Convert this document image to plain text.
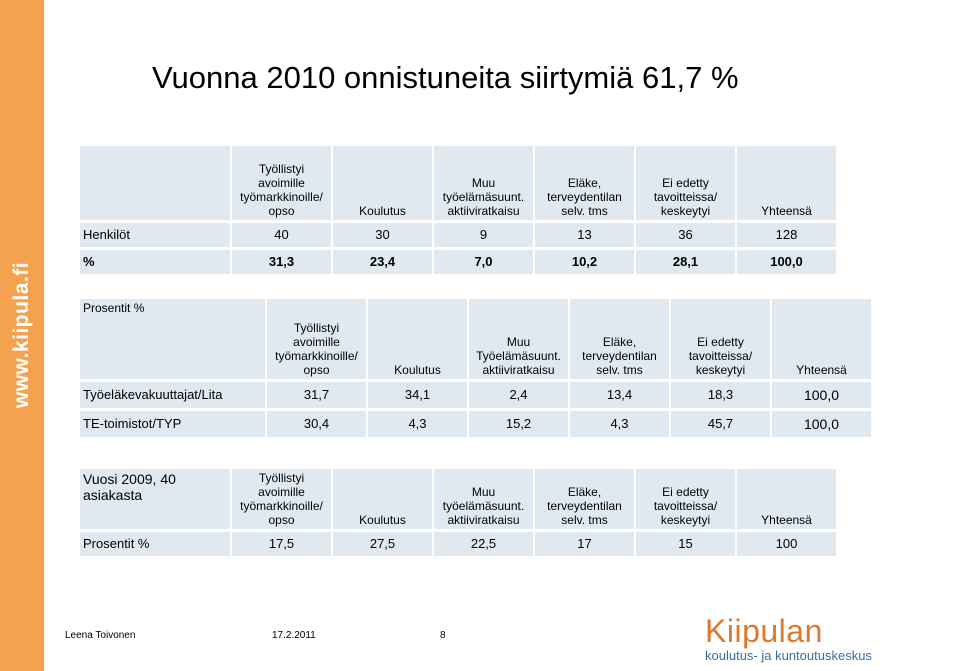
www.kiipula.fi
Vuonna 2010 onnistuneita siirtymiä 61,7 %
	Työllistyi avoimille työmarkkinoille/ opso	Koulutus	Muu työelämäsuunt. aktiiviratkaisu	Eläke, terveydentilan selv. tms	Ei edetty tavoitteissa/ keskeytyi	Yhteensä
Henkilöt	40	30	9	13	36	128
%	31,3	23,4	7,0	10,2	28,1	100,0
Prosentit %	Työllistyi avoimille työmarkkinoille/ opso	Koulutus	Muu Työelämäsuunt. aktiiviratkaisu	Eläke, terveydentilan selv. tms	Ei edetty tavoitteissa/ keskeytyi	Yhteensä
Työeläkevakuuttajat/Lita	31,7	34,1	2,4	13,4	18,3	100,0
TE-toimistot/TYP	30,4	4,3	15,2	4,3	45,7	100,0
Vuosi 2009, 40 asiakasta	Työllistyi avoimille työmarkkinoille/ opso	Koulutus	Muu työelämäsuunt. aktiiviratkaisu	Eläke, terveydentilan selv. tms	Ei edetty tavoitteissa/ keskeytyi	Yhteensä
Prosentit %	17,5	27,5	22,5	17	15	100
Leena Toivonen	17.2.2011	8	Kiipulan
koulutus- ja kuntoutuskeskus
